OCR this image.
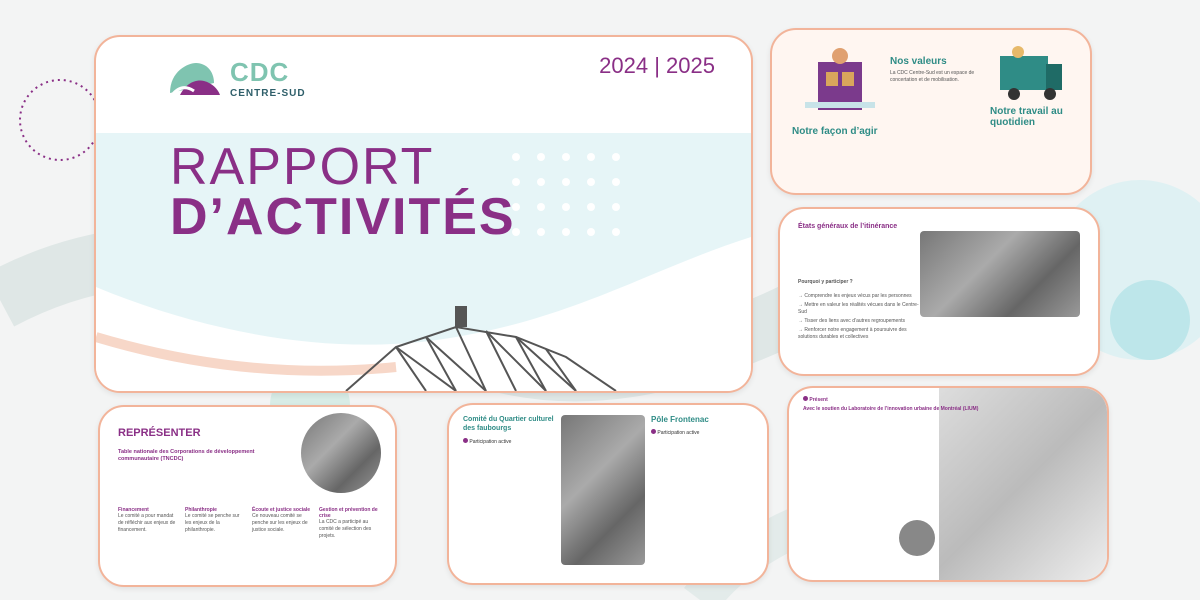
CDC
CENTRE-SUD
2024 | 2025
RAPPORT
D’ACTIVITÉS
Nos valeurs
La CDC Centre-Sud est un espace de concertation et de mobilisation.
Notre façon d’agir
Notre travail au quotidien
États généraux de l’itinérance
Pourquoi y participer ?
→ Comprendre les enjeux vécus par les personnes
→ Mettre en valeur les réalités vécues dans le Centre-Sud
→ Tisser des liens avec d’autres regroupements
→ Renforcer notre engagement à poursuivre des solutions durables et collectives
REPRÉSENTER
Table nationale des Corporations de développement communautaire (TNCDC)
Financement
Le comité a pour mandat de réfléchir aux enjeux de financement.
Philanthropie
Le comité se penche sur les enjeux de la philanthropie.
Écoute et justice sociale
Ce nouveau comité se penche sur les enjeux de justice sociale.
Gestion et prévention de crise
La CDC a participé au comité de sélection des projets.
Comité du Quartier culturel des faubourgs
Participation active
Pôle Frontenac
Participation active
Présent
Avec le soutien du Laboratoire de l’innovation urbaine de Montréal (LIUM)
